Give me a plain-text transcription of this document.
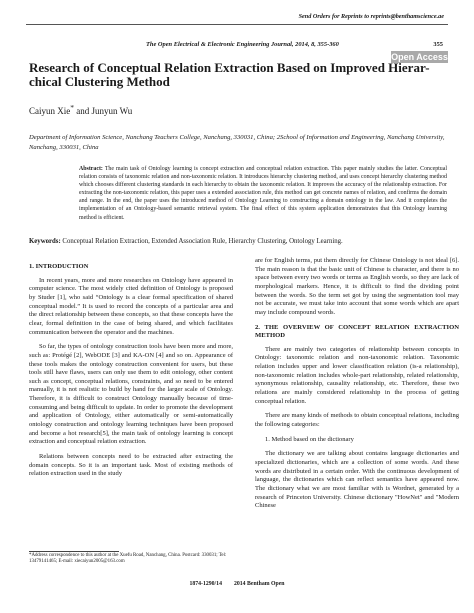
Send Orders for Reprints to reprints@benthamscience.ae
The Open Electrical & Electronic Engineering Journal, 2014, 8, 355-360	355
Open Access
Research of Conceptual Relation Extraction Based on Improved Hierar-chical Clustering Method
Caiyun Xie* and Junyun Wu
Department of Information Science, Nanchang Teachers College, Nanchang, 330031, China; 2School of Information and Engineering, Nanchang University, Nanchang, 330031, China
Abstract: The main task of Ontology learning is concept extraction and conceptual relation extraction. This paper mainly studies the latter. Conceptual relation consists of taxonomic relation and non-taxonomic relation. It introduces hierarchy clustering method, and uses concept hierarchy clustering method which chooses different clustering standards in each hierarchy to obtain the taxonomic relation. It improves the accuracy of the relationship extraction. For extracting the non-taxonomic relation, this paper uses a extended association rule, this method can get concrete names of relation, and confirms the domain and range. In the end, the paper uses the introduced method of Ontology Learning to constructing a domain ontology in the law. And it completes the implementation of an Ontology-based semantic retrieval system. The final effect of this system application demonstrates that this Ontology learning method is efficient.
Keywords: Conceptual Relation Extraction, Extended Association Rule, Hierarchy Clustering, Ontology Learning.
1. INTRODUCTION

In recent years, more and more researches on Ontology have appeared in computer science. The most widely cited definition of Ontology is proposed by Studer [1], who said “Ontology is a clear formal specification of shared conceptual model.” It is used to record the concepts of a particular area and the direct relationship between these concepts, so that these concepts have the clear, formal definition in the case of being shared, and which facilitates communication between the operator and the machines.

So far, the types of ontology construction tools have been more and more, such as: Protégé [2], WebODE [3] and KA-ON [4] and so on. Appearance of these tools makes the ontology construction convenient for users, but these tools still have flaws, users can only use them to edit ontology, other content such as concept, conceptual relations, constraints, and so need to be entered manually, it is not realistic to build by hand for the larger scale of Ontology. Therefore, it is difficult to construct Ontology manually because of time-consuming and being difficult to update. In order to promote the development and application of Ontology, either automatically or semi-automatically ontology construction and ontology learning techniques have been proposed and become a hot research[5], the main task of ontology learning is concept extraction and conceptual relation extraction.

Relations between concepts need to be extracted after extracting the domain concepts. So it is an important task. Most of existing methods of relation extraction used in the study

*Address correspondence to this author at the Xuefu Road, Nanchang, China. Postcard: 330031; Tel: 13479141465; E-mail: xiecaiyun2005@163.com

are for English terms, put them directly for Chinese Ontology is not ideal [6]. The main reason is that the basic unit of Chinese is character, and there is no space between every two words or terms as English words, so they are lack of morphological markers. Hence, it is difficult to find the dividing point between the words. So the term set got by using the segmentation tool may not be accurate, we must take into account that some words which are apart may include compound words.

2. THE OVERVIEW OF CONCEPT RELATION EXTRACTION METHOD

There are mainly two categories of relationship between concepts in Ontology: taxonomic relation and non-taxonomic relation. Taxonomic relation includes upper and lower classification relation (is-a relationship), non-taxonomic relation includes whole-part relationship, related relationship, synonymous relationship, causality relationship, etc. Therefore, these two relations are mainly considered relationship in the process of getting conceptual relation.

There are many kinds of methods to obtain conceptual relations, including the following categories:

1. Method based on the dictionary

The dictionary we are talking about contains language dictionaries and specialized dictionaries, which are a collection of some words. And these words are distributed in a certain order. With the continuous development of language, the dictionaries which can reflect semantics have appeared now. The dictionary what we are most familiar with is Wordnet, generated by a research of Princeton University. Chinese dictionary "HowNet" and "Modern Chinese

1874-1290/14 2014 Bentham Open
